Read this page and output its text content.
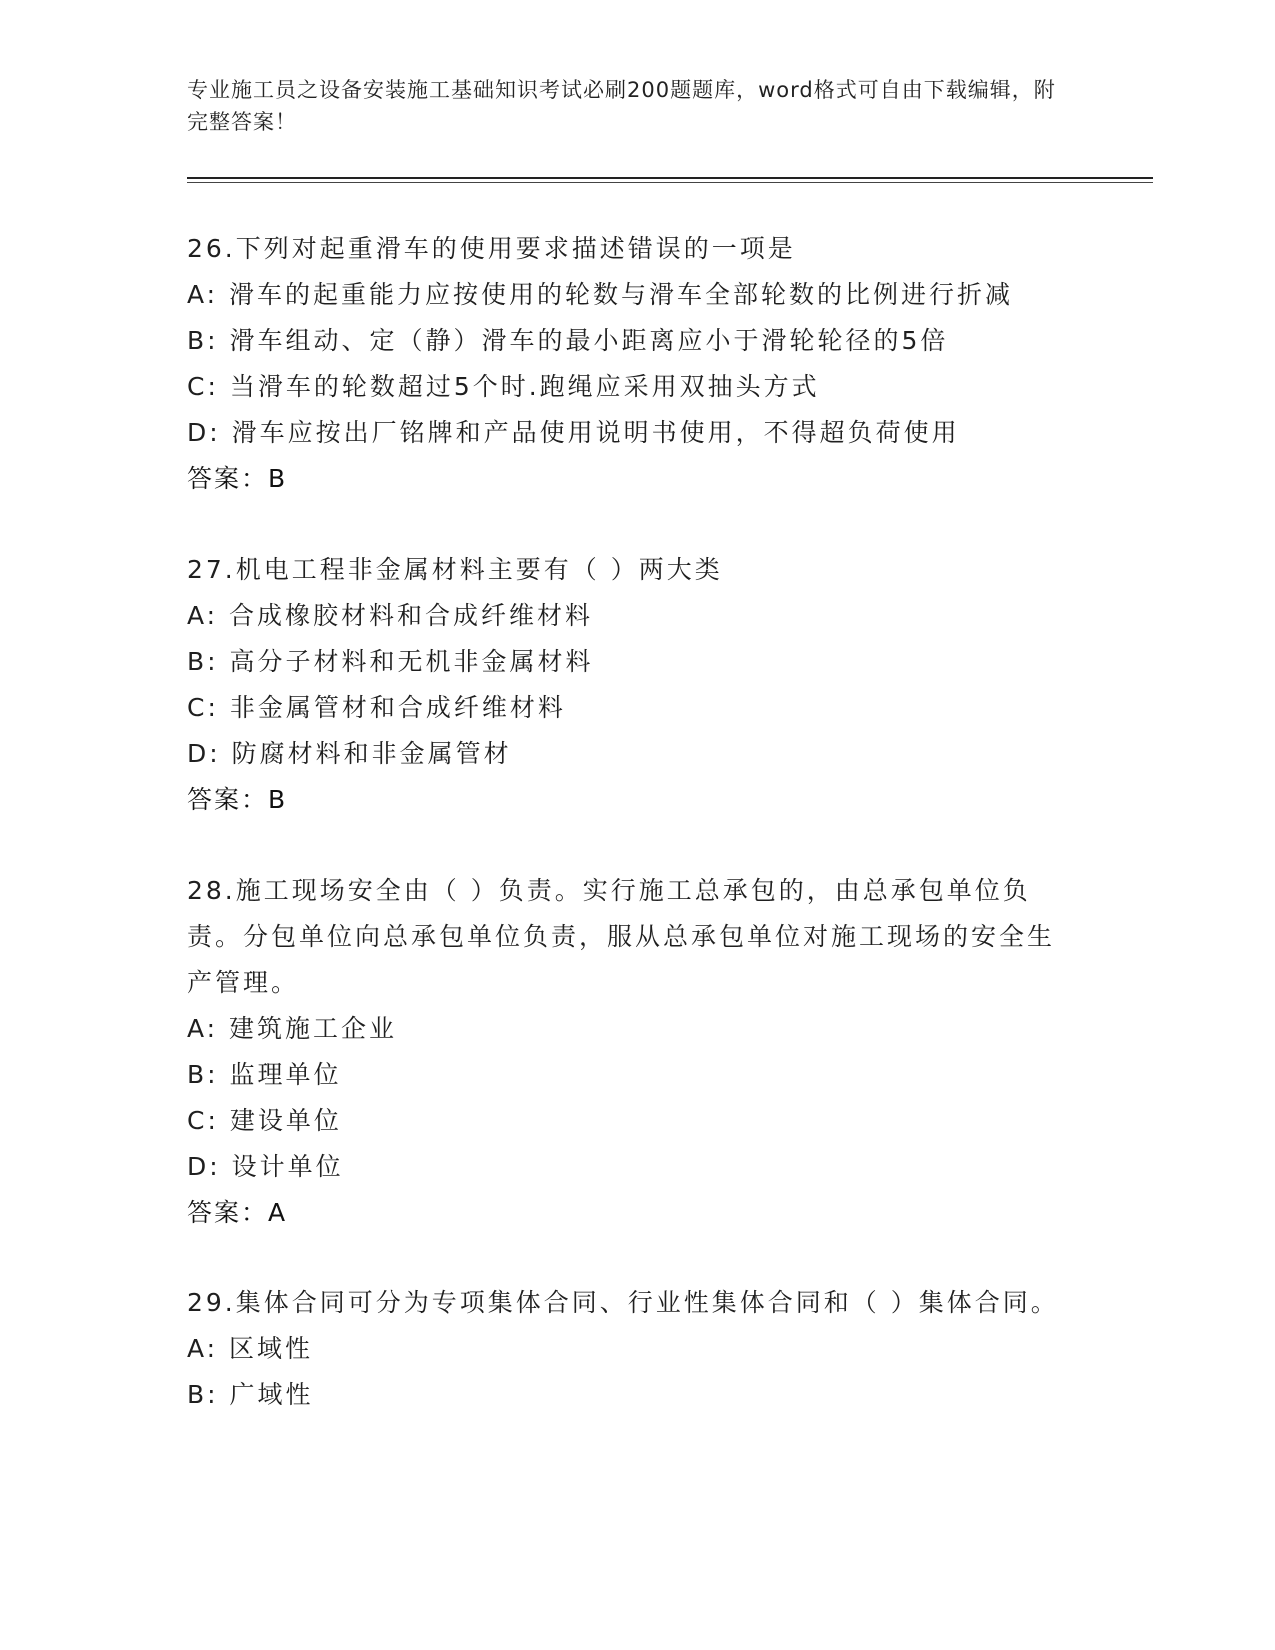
专业施工员之设备安装施工基础知识考试必刷200题题库，word格式可自由下载编辑，附完整答案！

26.下列对起重滑车的使用要求描述错误的一项是

A: 滑车的起重能力应按使用的轮数与滑车全部轮数的比例进行折减

B: 滑车组动、定（静）滑车的最小距离应小于滑轮轮径的5倍

C: 当滑车的轮数超过5个时.跑绳应采用双抽头方式

D: 滑车应按出厂铭牌和产品使用说明书使用，不得超负荷使用

答案：B

27.机电工程非金属材料主要有（ ）两大类

A: 合成橡胶材料和合成纤维材料

B: 高分子材料和无机非金属材料

C: 非金属管材和合成纤维材料

D: 防腐材料和非金属管材

答案：B

28.施工现场安全由（ ）负责。实行施工总承包的，由总承包单位负责。分包单位向总承包单位负责，服从总承包单位对施工现场的安全生产管理。

A: 建筑施工企业

B: 监理单位

C: 建设单位

D: 设计单位

答案：A

29.集体合同可分为专项集体合同、行业性集体合同和（ ）集体合同。

A: 区域性

B: 广域性
